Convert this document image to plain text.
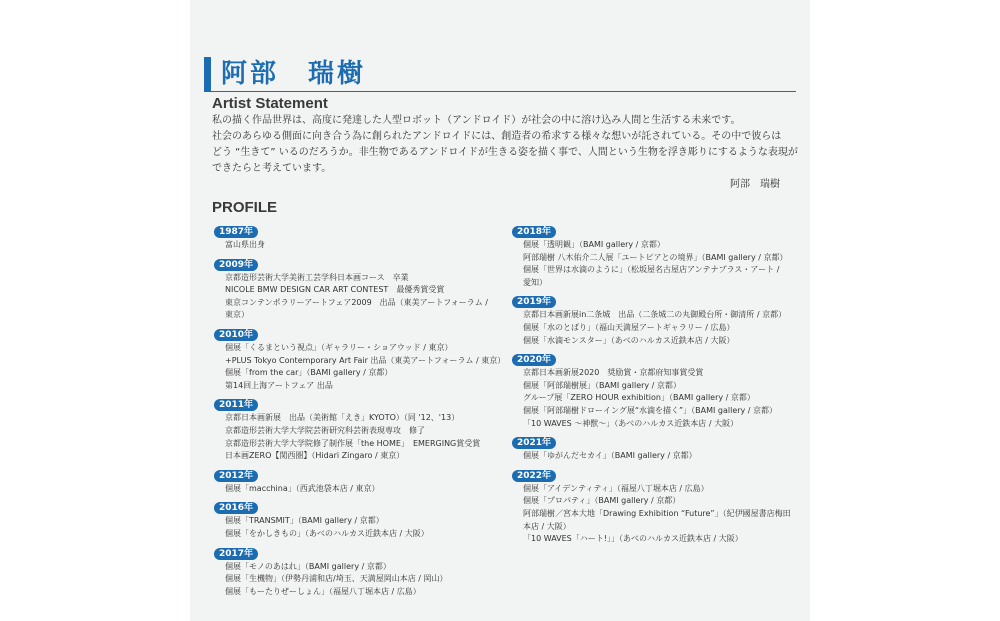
阿部　瑞樹
Artist Statement
私の描く作品世界は、高度に発達した人型ロボット（アンドロイド）が社会の中に溶け込み人間と生活する未来です。
社会のあらゆる側面に向き合う為に創られたアンドロイドには、創造者の希求する様々な想いが託されている。その中で彼らは
どう “生きて” いるのだろうか。非生物であるアンドロイドが生きる姿を描く事で、人間という生物を浮き彫りにするような表現が
できたらと考えています。
阿部　瑞樹
PROFILE
1987年
富山県出身
2009年
京都造形芸術大学美術工芸学科日本画コース　卒業
NICOLE BMW DESIGN CAR ART CONTEST　最優秀賞受賞
東京コンテンポラリーアートフェア2009　出品（東美アートフォーラム /
東京）
2010年
個展「くるまという視点」（ギャラリー・ショアウッド / 東京）
+PLUS Tokyo Contemporary Art Fair 出品（東美アートフォーラム / 東京）
個展「from the car」（BAMI gallery / 京都）
第14回上海アートフェア 出品
2011年
京都日本画新展　出品（美術館「えき」KYOTO）（同 '12、'13）
京都造形芸術大学大学院芸術研究科芸術表現専攻　修了
京都造形芸術大学大学院修了制作展「the HOME」　EMERGING賞受賞
日本画ZERO【関西圏】（Hidari Zingaro / 東京）
2012年
個展「macchina」（西武池袋本店 / 東京）
2016年
個展「TRANSMIT」（BAMI gallery / 京都）
個展「をかしきもの」（あべのハルカス近鉄本店 / 大阪）
2017年
個展「モノのあはれ」（BAMI gallery / 京都）
個展「生機物」（伊勢丹浦和店/埼玉、天満屋岡山本店 / 岡山）
個展「もーたりぜーしょん」（福屋八丁堀本店 / 広島）
2018年
個展「透明観」（BAMI gallery / 京都）
阿部瑞樹 八木佑介二人展「ユートピアとの境界」（BAMI gallery / 京都）
個展「世界は水滴のように」（松坂屋名古屋店アンテナプラス・アート /
愛知）
2019年
京都日本画新展in二条城　出品（二条城二の丸御殿台所・御清所 / 京都）
個展「水のとばり」（福山天満屋アートギャラリー / 広島）
個展「水滴モンスター」（あべのハルカス近鉄本店 / 大阪）
2020年
京都日本画新展2020　奨励賞・京都府知事賞受賞
個展「阿部瑞樹展」（BAMI gallery / 京都）
グループ展「ZERO HOUR exhibition」（BAMI gallery / 京都）
個展「阿部瑞樹ドローイング展“水滴を描く”」（BAMI gallery / 京都）
「10 WAVES 〜神獣〜」（あべのハルカス近鉄本店 / 大阪）
2021年
個展「ゆがんだセカイ」（BAMI gallery / 京都）
2022年
個展「アイデンティティ」（福屋八丁堀本店 / 広島）
個展「プロパティ」（BAMI gallery / 京都）
阿部瑞樹／宮本大地「Drawing Exhibition “Future”」（紀伊國屋書店梅田
本店 / 大阪）
「10 WAVES「ハート!」」（あべのハルカス近鉄本店 / 大阪）
